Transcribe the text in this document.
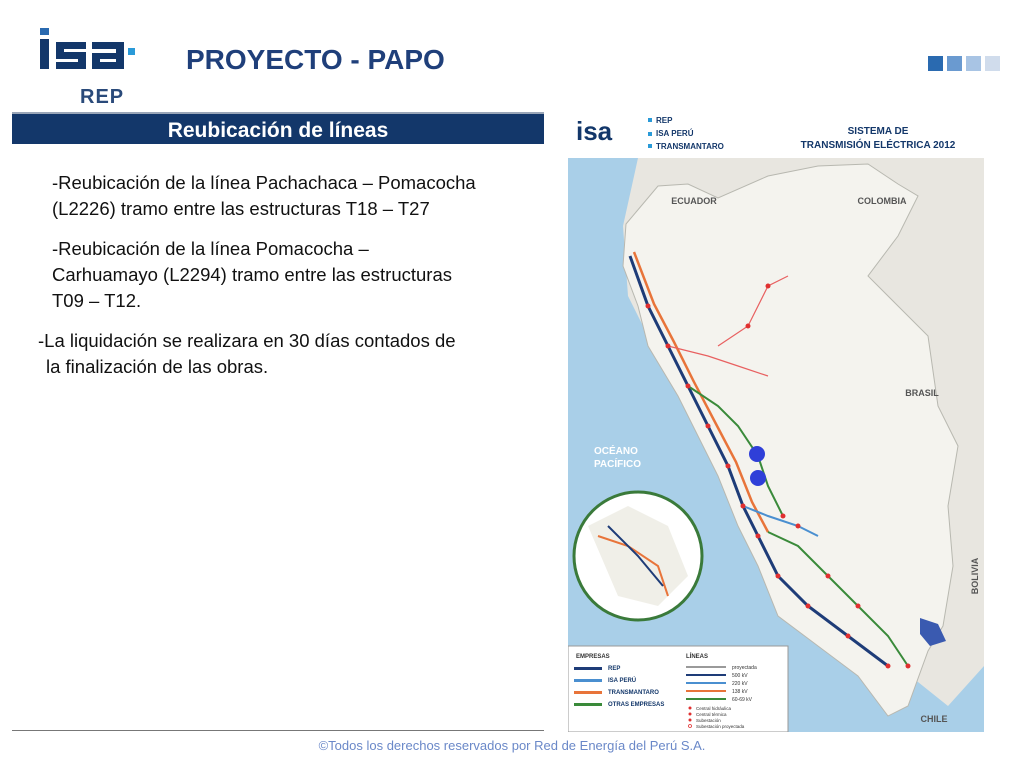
REP
PROYECTO - PAPO
Reubicación de líneas
-Reubicación de la línea Pachachaca – Pomacocha
(L2226) tramo entre las estructuras T18 – T27
-Reubicación de la línea Pomacocha –
Carhuamayo (L2294) tramo entre las estructuras
T09 – T12.
-La liquidación se realizara en 30 días contados de
la finalización de las obras.
isa	REP
ISA PERÚ
TRANSMANTARO
SISTEMA DE
TRANSMISIÓN ELÉCTRICA 2012
ECUADOR	COLOMBIA
BRASIL
BOLIVIA
CHILE
OCÉANO
PACÍFICO
EMPRESAS	LÍNEAS
REP
ISA PERÚ
TRANSMANTARO
OTRAS EMPRESAS
proyectada
500 kV
220 kV
138 kV
60-69 kV
Central hidráulica
Central térmica
Subestación
Subestación proyectada
©Todos los derechos reservados por Red de Energía del Perú S.A.
